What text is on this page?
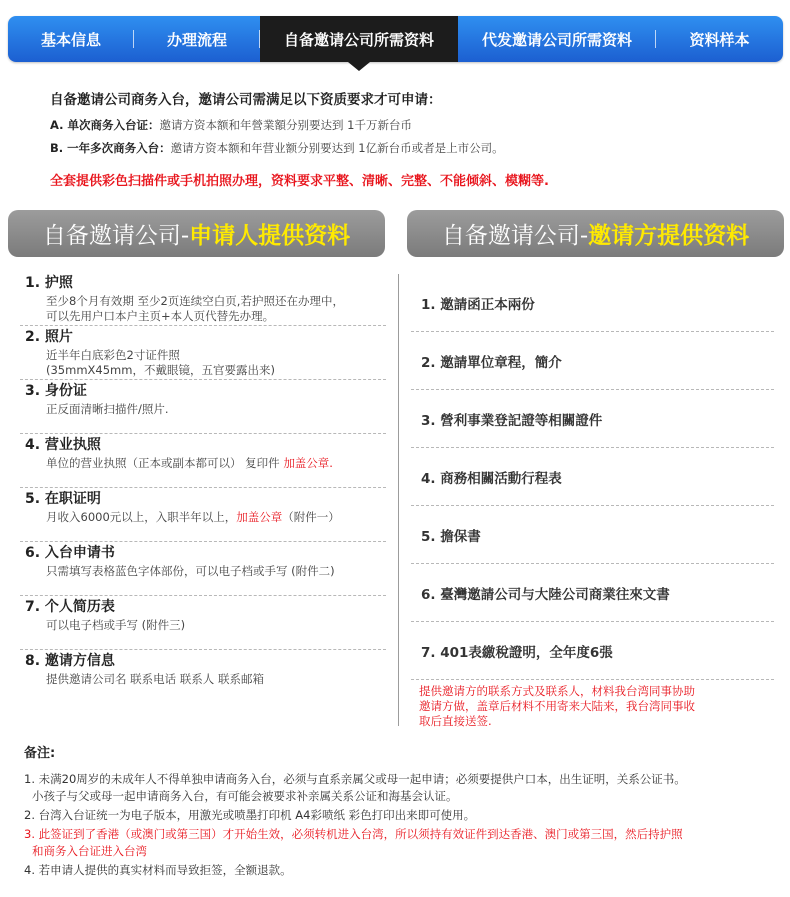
基本信息	办理流程	自备邀请公司所需资料	代发邀请公司所需资料	资料样本
自备邀请公司商务入台，邀请公司需满足以下资质要求才可申请：
A. 单次商务入台证：邀请方资本额和年營業額分别要达到 1千万新台币
B. 一年多次商务入台：邀请方资本额和年营业额分别要达到 1亿新台币或者是上市公司。
全套提供彩色扫描件或手机拍照办理，资料要求平整、清晰、完整、不能倾斜、模糊等.
自备邀请公司- 申请人提供资料	自备邀请公司- 邀请方提供资料
1. 护照
至少8个月有效期 至少2页连续空白页,若护照还在办理中，
可以先用户口本户主页+本人页代替先办理。
2. 照片
近半年白底彩色2寸证件照
(35mmX45mm，不戴眼镜，五官要露出来)
3. 身份证
正反面清晰扫描件/照片.
4. 营业执照
单位的营业执照（正本或副本都可以） 复印件 加盖公章.
5. 在职证明
月收入6000元以上，入职半年以上，加盖公章（附件一）
6. 入台申请书
只需填写表格蓝色字体部份，可以电子档或手写 (附件二)
7. 个人简历表
可以电子档或手写 (附件三)
8. 邀请方信息
提供邀请公司名 联系电话 联系人 联系邮箱
1. 邀請函正本兩份
2. 邀請單位章程，簡介
3. 營利事業登記證等相關證件
4. 商務相關活動行程表
5. 擔保書
6. 臺灣邀請公司与大陸公司商業往來文書
7. 401表繳稅證明，全年度6張
提供邀请方的联系方式及联系人，材料我台湾同事协助
邀请方做，盖章后材料不用寄来大陆来，我台湾同事收
取后直接送签.
备注:
1. 未满20周岁的未成年人不得单独申请商务入台，必须与直系亲属父或母一起申请；必须要提供户口本，出生证明，关系公证书。
小孩子与父或母一起申请商务入台，有可能会被要求补亲属关系公证和海基会认证。
2. 台湾入台证统一为电子版本，用激光或喷墨打印机 A4彩喷纸 彩色打印出来即可使用。
3. 此签证到了香港（或澳门或第三国）才开始生效，必须转机进入台湾，所以须持有效证件到达香港、澳门或第三国，然后持护照
和商务入台证进入台湾
4. 若申请人提供的真实材料而导致拒签，全额退款。
